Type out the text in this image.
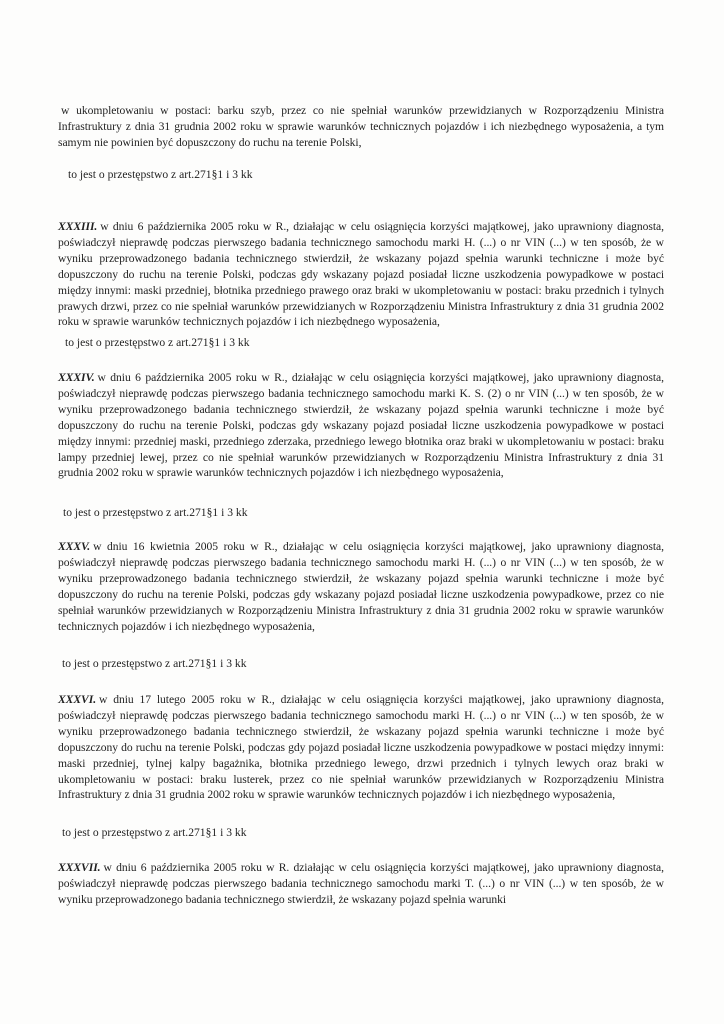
w ukompletowaniu w postaci: barku szyb, przez co nie spełniał warunków przewidzianych w Rozporządzeniu Ministra Infrastruktury z dnia 31 grudnia 2002 roku w sprawie warunków technicznych pojazdów i ich niezbędnego wyposażenia, a tym samym nie powinien być dopuszczony do ruchu na terenie Polski,

to jest o przestępstwo z art.271§1 i 3 kk

XXXIII. w dniu 6 października 2005 roku w R., działając w celu osiągnięcia korzyści majątkowej, jako uprawniony diagnosta, poświadczył nieprawdę podczas pierwszego badania technicznego samochodu marki H. (...) o nr VIN (...) w ten sposób, że w wyniku przeprowadzonego badania technicznego stwierdził, że wskazany pojazd spełnia warunki techniczne i może być dopuszczony do ruchu na terenie Polski, podczas gdy wskazany pojazd posiadał liczne uszkodzenia powypadkowe w postaci między innymi: maski przedniej, błotnika przedniego prawego oraz braki w ukompletowaniu w postaci: braku przednich i tylnych prawych drzwi, przez co nie spełniał warunków przewidzianych w Rozporządzeniu Ministra Infrastruktury z dnia 31 grudnia 2002 roku w sprawie warunków technicznych pojazdów i ich niezbędnego wyposażenia,

to jest o przestępstwo z art.271§1 i 3 kk

XXXIV. w dniu 6 października 2005 roku w R., działając w celu osiągnięcia korzyści majątkowej, jako uprawniony diagnosta, poświadczył nieprawdę podczas pierwszego badania technicznego samochodu marki K. S. (2) o nr VIN (...) w ten sposób, że w wyniku przeprowadzonego badania technicznego stwierdził, że wskazany pojazd spełnia warunki techniczne i może być dopuszczony do ruchu na terenie Polski, podczas gdy wskazany pojazd posiadał liczne uszkodzenia powypadkowe w postaci między innymi: przedniej maski, przedniego zderzaka, przedniego lewego błotnika oraz braki w ukompletowaniu w postaci: braku lampy przedniej lewej, przez co nie spełniał warunków przewidzianych w Rozporządzeniu Ministra Infrastruktury z dnia 31 grudnia 2002 roku w sprawie warunków technicznych pojazdów i ich niezbędnego wyposażenia,

to jest o przestępstwo z art.271§1 i 3 kk

XXXV. w dniu 16 kwietnia 2005 roku w R., działając w celu osiągnięcia korzyści majątkowej, jako uprawniony diagnosta, poświadczył nieprawdę podczas pierwszego badania technicznego samochodu marki H. (...) o nr VIN (...) w ten sposób, że w wyniku przeprowadzonego badania technicznego stwierdził, że wskazany pojazd spełnia warunki techniczne i może być dopuszczony do ruchu na terenie Polski, podczas gdy wskazany pojazd posiadał liczne uszkodzenia powypadkowe, przez co nie spełniał warunków przewidzianych w Rozporządzeniu Ministra Infrastruktury z dnia 31 grudnia 2002 roku w sprawie warunków technicznych pojazdów i ich niezbędnego wyposażenia,

to jest o przestępstwo z art.271§1 i 3 kk

XXXVI. w dniu 17 lutego 2005 roku w R., działając w celu osiągnięcia korzyści majątkowej, jako uprawniony diagnosta, poświadczył nieprawdę podczas pierwszego badania technicznego samochodu marki H. (...) o nr VIN (...) w ten sposób, że w wyniku przeprowadzonego badania technicznego stwierdził, że wskazany pojazd spełnia warunki techniczne i może być dopuszczony do ruchu na terenie Polski, podczas gdy pojazd posiadał liczne uszkodzenia powypadkowe w postaci między innymi: maski przedniej, tylnej kalpy bagażnika, błotnika przedniego lewego, drzwi przednich i tylnych lewych oraz braki w ukompletowaniu w postaci: braku lusterek, przez co nie spełniał warunków przewidzianych w Rozporządzeniu Ministra Infrastruktury z dnia 31 grudnia 2002 roku w sprawie warunków technicznych pojazdów i ich niezbędnego wyposażenia,

to jest o przestępstwo z art.271§1 i 3 kk

XXXVII. w dniu 6 października 2005 roku w R. działając w celu osiągnięcia korzyści majątkowej, jako uprawniony diagnosta, poświadczył nieprawdę podczas pierwszego badania technicznego samochodu marki T. (...) o nr VIN (...) w ten sposób, że w wyniku przeprowadzonego badania technicznego stwierdził, że wskazany pojazd spełnia warunki
